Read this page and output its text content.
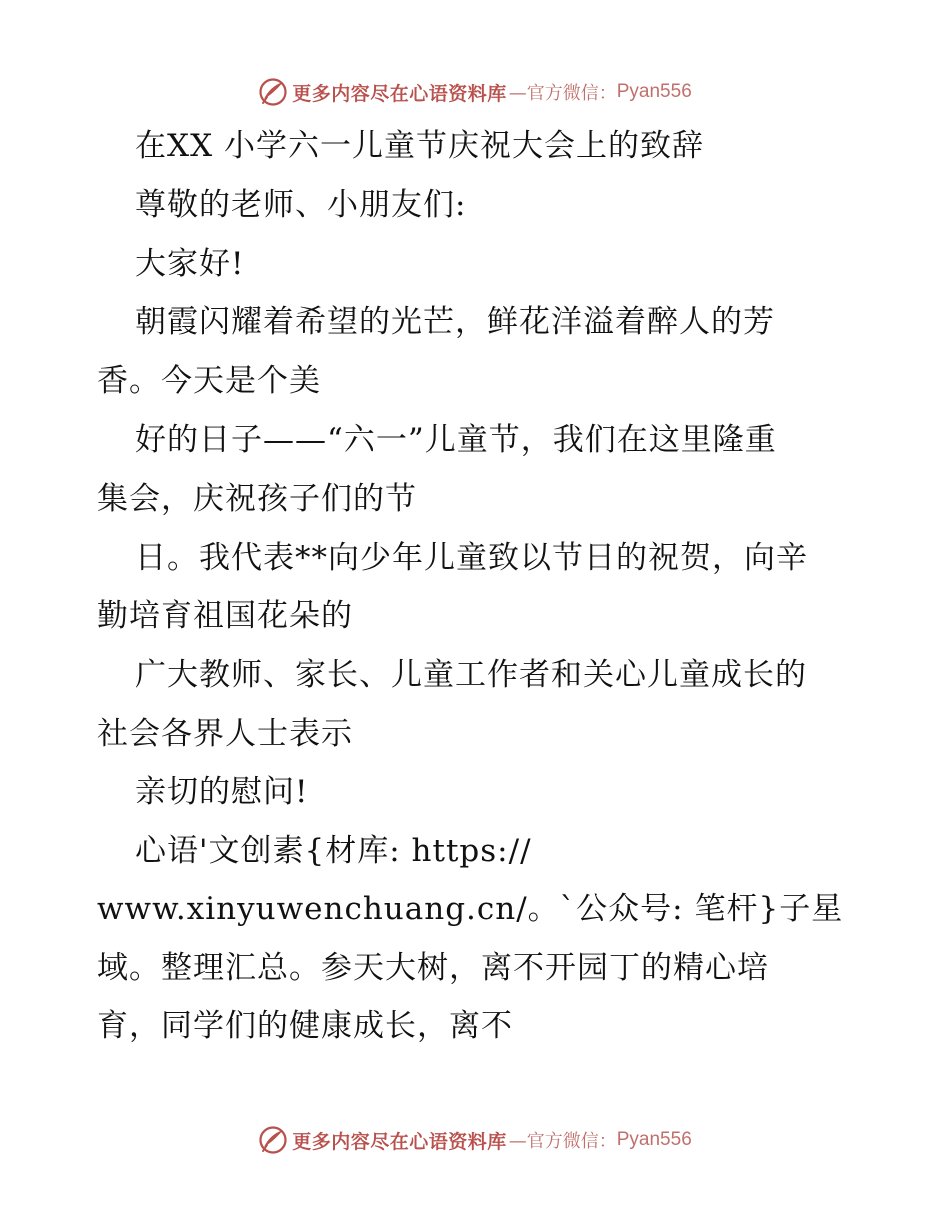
更多内容尽在心语资料库 —官方微信： Pyan556
在XX 小学六一儿童节庆祝大会上的致辞
尊敬的老师、小朋友们:
大家好!
朝霞闪耀着希望的光芒，鲜花洋溢着醉人的芳
香。今天是个美
好的日子——“六一”儿童节，我们在这里隆重
集会，庆祝孩子们的节
日。我代表**向少年儿童致以节日的祝贺，向辛
勤培育祖国花朵的
广大教师、家长、儿童工作者和关心儿童成长的
社会各界人士表示
亲切的慰问!
心语'文创素{材库: https://
www.xinyuwenchuang.cn/。`公众号: 笔杆}子星
域。整理汇总。参天大树，离不开园丁的精心培
育，同学们的健康成长，离不
更多内容尽在心语资料库 —官方微信： Pyan556
